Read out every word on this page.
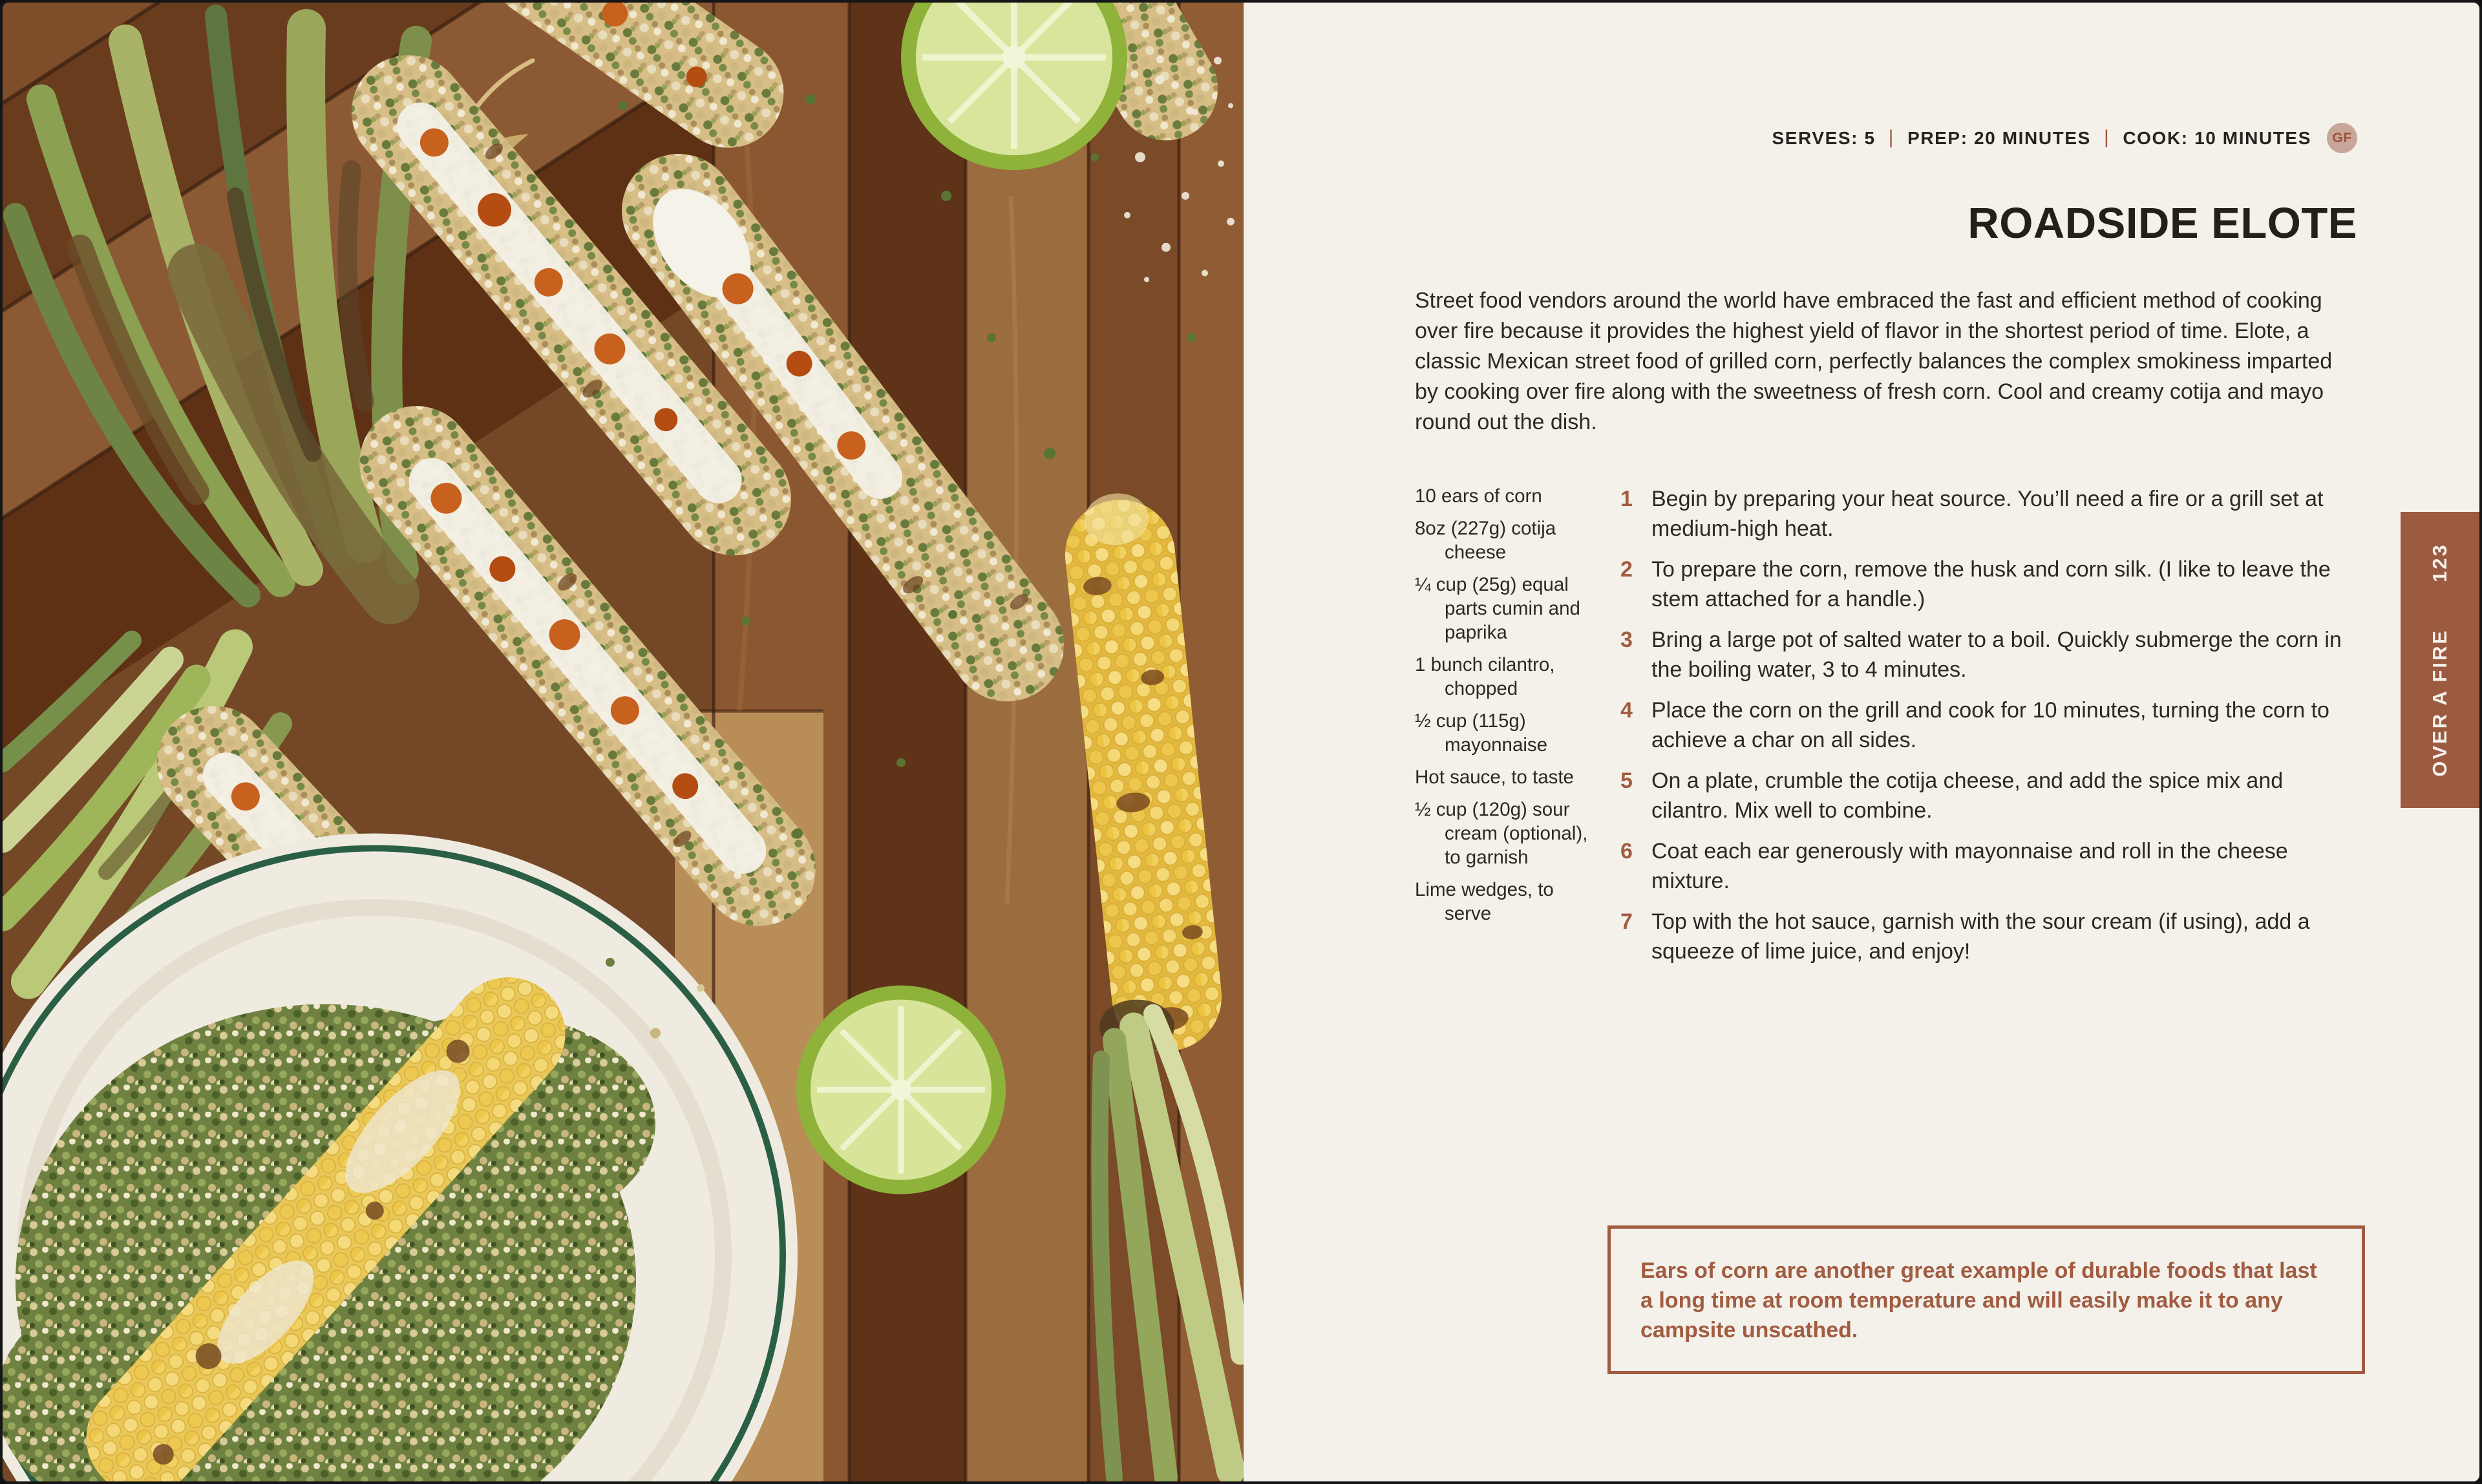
SERVES: 5 | PREP: 20 MINUTES | COOK: 10 MINUTES	GF
ROADSIDE ELOTE

Street food vendors around the world have embraced the fast and efficient method of cooking over fire because it provides the highest yield of flavor in the shortest period of time. Elote, a classic Mexican street food of grilled corn, perfectly balances the complex smokiness imparted by cooking over fire along with the sweetness of fresh corn. Cool and creamy cotija and mayo round out the dish.

10 ears of corn
8oz (227g) cotija cheese
¼ cup (25g) equal parts cumin and paprika
1 bunch cilantro, chopped
½ cup (115g) mayonnaise
Hot sauce, to taste
½ cup (120g) sour cream (optional), to garnish
Lime wedges, to serve
1 Begin by preparing your heat source. You’ll need a fire or a grill set at medium-high heat.
2 To prepare the corn, remove the husk and corn silk. (I like to leave the stem attached for a handle.)
3 Bring a large pot of salted water to a boil. Quickly submerge the corn in the boiling water, 3 to 4 minutes.
4 Place the corn on the grill and cook for 10 minutes, turning the corn to achieve a char on all sides.
5 On a plate, crumble the cotija cheese, and add the spice mix and cilantro. Mix well to combine.
6 Coat each ear generously with mayonnaise and roll in the cheese mixture.
7 Top with the hot sauce, garnish with the sour cream (if using), add a squeeze of lime juice, and enjoy!

Ears of corn are another great example of durable foods that last a long time at room temperature and will easily make it to any campsite unscathed.

OVER A FIRE
123
